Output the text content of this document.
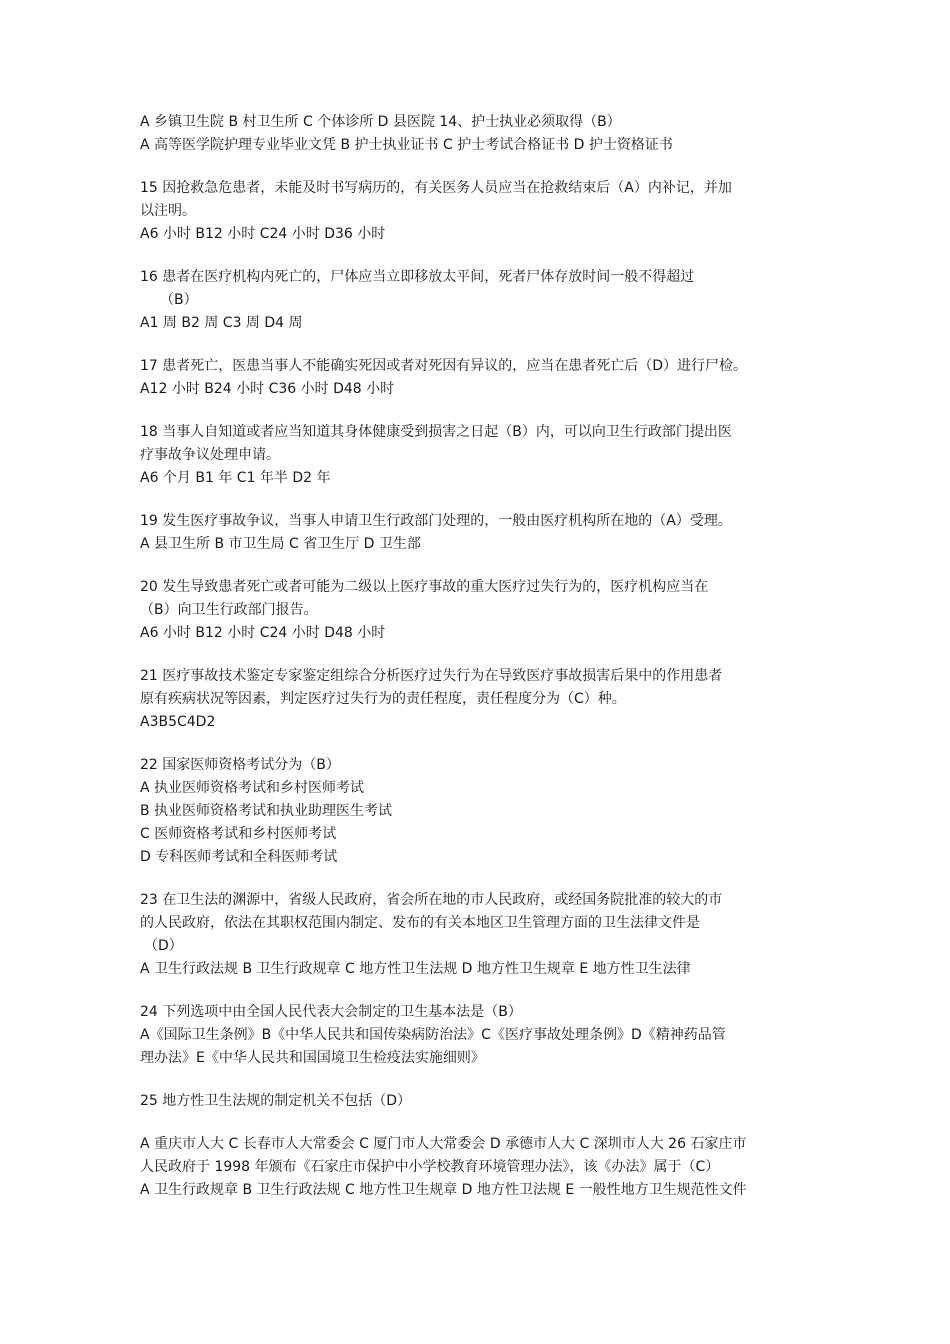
A 乡镇卫生院 B 村卫生所 C 个体诊所 D 县医院 14、护士执业必须取得（B）
A 高等医学院护理专业毕业文凭 B 护士执业证书 C 护士考试合格证书 D 护士资格证书
15 因抢救急危患者，未能及时书写病历的，有关医务人员应当在抢救结束后（A）内补记，并加
以注明。
A6 小时 B12 小时 C24 小时 D36 小时
16 患者在医疗机构内死亡的，尸体应当立即移放太平间，死者尸体存放时间一般不得超过
（B）
A1 周 B2 周 C3 周 D4 周
17 患者死亡，医患当事人不能确实死因或者对死因有异议的，应当在患者死亡后（D）进行尸检。
A12 小时 B24 小时 C36 小时 D48 小时
18 当事人自知道或者应当知道其身体健康受到损害之日起（B）内，可以向卫生行政部门提出医
疗事故争议处理申请。
A6 个月 B1 年 C1 年半 D2 年
19 发生医疗事故争议，当事人申请卫生行政部门处理的，一般由医疗机构所在地的（A）受理。
A 县卫生所 B 市卫生局 C 省卫生厅 D 卫生部
20 发生导致患者死亡或者可能为二级以上医疗事故的重大医疗过失行为的，医疗机构应当在
（B）向卫生行政部门报告。
A6 小时 B12 小时 C24 小时 D48 小时
21 医疗事故技术鉴定专家鉴定组综合分析医疗过失行为在导致医疗事故损害后果中的作用患者
原有疾病状况等因素，判定医疗过失行为的责任程度，责任程度分为（C）种。
A3B5C4D2
22 国家医师资格考试分为（B）
A 执业医师资格考试和乡村医师考试
B 执业医师资格考试和执业助理医生考试
C 医师资格考试和乡村医师考试
D 专科医师考试和全科医师考试
23 在卫生法的渊源中，省级人民政府，省会所在地的市人民政府，或经国务院批准的较大的市
的人民政府，依法在其职权范围内制定、发布的有关本地区卫生管理方面的卫生法律文件是
（D）
A 卫生行政法规 B 卫生行政规章 C 地方性卫生法规 D 地方性卫生规章 E 地方性卫生法律
24 下列选项中由全国人民代表大会制定的卫生基本法是（B）
A《国际卫生条例》B《中华人民共和国传染病防治法》C《医疗事故处理条例》D《精神药品管
理办法》E《中华人民共和国国境卫生检疫法实施细则》
25 地方性卫生法规的制定机关不包括（D）
A 重庆市人大 C 长春市人大常委会 C 厦门市人大常委会 D 承德市人大 C 深圳市人大 26 石家庄市
人民政府于 1998 年颁布《石家庄市保护中小学校教育环境管理办法》，该《办法》属于（C）
A 卫生行政规章 B 卫生行政法规 C 地方性卫生规章 D 地方性卫法规 E 一般性地方卫生规范性文件
